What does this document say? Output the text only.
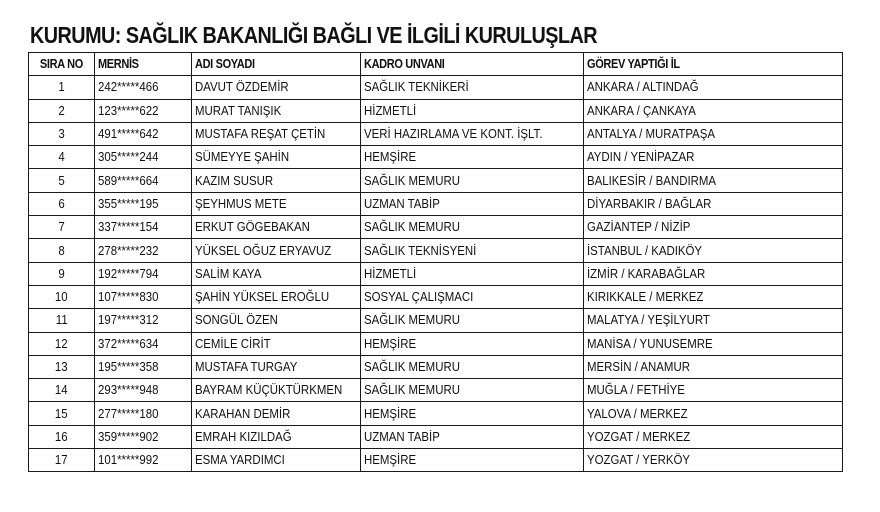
KURUMU: SAĞLIK BAKANLIĞI BAĞLI VE İLGİLİ KURULUŞLAR
SIRA NO	MERNİS	ADI SOYADI	KADRO UNVANI	GÖREV YAPTIĞI İL
1	242*****466	DAVUT ÖZDEMİR	SAĞLIK TEKNİKERİ	ANKARA / ALTINDAĞ
2	123*****622	MURAT TANIŞIK	HİZMETLİ	ANKARA / ÇANKAYA
3	491*****642	MUSTAFA REŞAT ÇETİN	VERİ HAZIRLAMA VE KONT. İŞLT.	ANTALYA / MURATPAŞA
4	305*****244	SÜMEYYE ŞAHİN	HEMŞİRE	AYDIN / YENİPAZAR
5	589*****664	KAZIM SUSUR	SAĞLIK MEMURU	BALIKESİR / BANDIRMA
6	355*****195	ŞEYHMUS METE	UZMAN TABİP	DİYARBAKIR / BAĞLAR
7	337*****154	ERKUT GÖGEBAKAN	SAĞLIK MEMURU	GAZİANTEP / NİZİP
8	278*****232	YÜKSEL OĞUZ ERYAVUZ	SAĞLIK TEKNİSYENİ	İSTANBUL / KADIKÖY
9	192*****794	SALİM KAYA	HİZMETLİ	İZMİR / KARABAĞLAR
10	107*****830	ŞAHİN YÜKSEL EROĞLU	SOSYAL ÇALIŞMACI	KIRIKKALE / MERKEZ
11	197*****312	SONGÜL ÖZEN	SAĞLIK MEMURU	MALATYA / YEŞİLYURT
12	372*****634	CEMİLE CİRİT	HEMŞİRE	MANİSA / YUNUSEMRE
13	195*****358	MUSTAFA TURGAY	SAĞLIK MEMURU	MERSİN / ANAMUR
14	293*****948	BAYRAM KÜÇÜKTÜRKMEN	SAĞLIK MEMURU	MUĞLA / FETHİYE
15	277*****180	KARAHAN DEMİR	HEMŞİRE	YALOVA / MERKEZ
16	359*****902	EMRAH KIZILDAĞ	UZMAN TABİP	YOZGAT / MERKEZ
17	101*****992	ESMA YARDIMCI	HEMŞİRE	YOZGAT / YERKÖY
